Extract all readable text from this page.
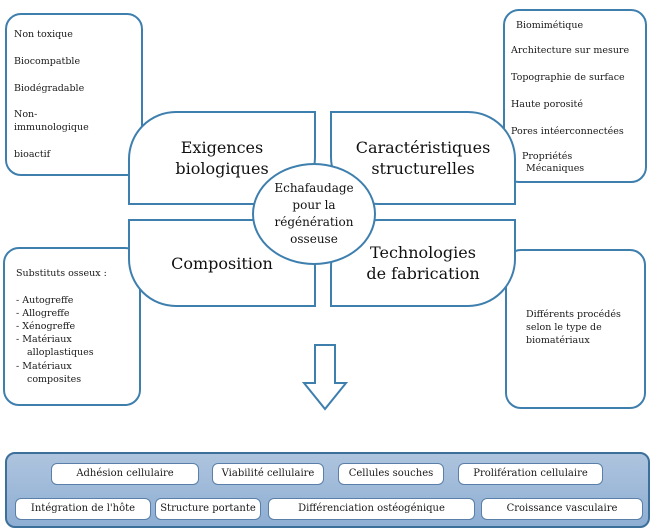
Non toxique
Biocompatble
Biodégradable
Non-
immunologique
bioactif
Biomimétique
Architecture sur mesure
Topographie de surface
Haute porosité
Pores intéerconnectées
Propriétés
Mécaniques
Substituts osseux :
- Autogreffe
- Allogreffe
- Xénogreffe
- Matériaux
alloplastiques
- Matériaux
composites
Différents procédés
selon le type de
biomatériaux
Exigences
biologiques
Caractéristiques
structurelles
Composition
Technologies
de fabrication
Echafaudage
pour la
régénération
osseuse
Adhésion cellulaire	Viabilité cellulaire	Cellules souches	Prolifération cellulaire
Intégration de l'hôte	Structure portante	Différenciation ostéogénique	Croissance vasculaire
